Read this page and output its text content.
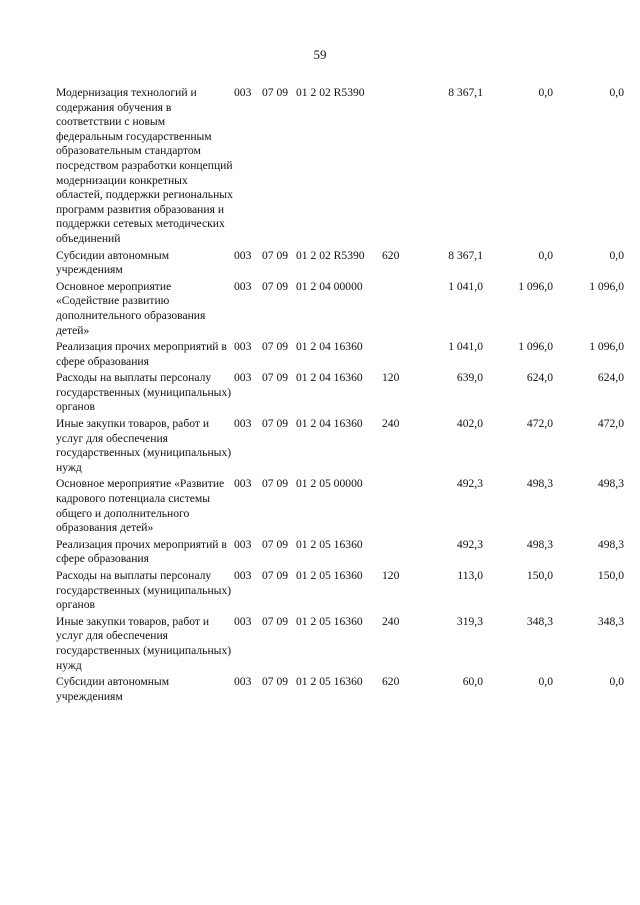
59
Модернизация технологий и содержания обучения в соответствии с новым федеральным государственным образовательным стандартом посредством разработки концепций модернизации конкретных областей, поддержки региональных программ развития образования и поддержки сетевых методических объединений	003	07 09	01 2 02 R5390		8 367,1	0,0	0,0
Субсидии автономным учреждениям	003	07 09	01 2 02 R5390	620	8 367,1	0,0	0,0
Основное мероприятие «Содействие развитию дополнительного образования детей»	003	07 09	01 2 04 00000		1 041,0	1 096,0	1 096,0
Реализация прочих мероприятий в сфере образования	003	07 09	01 2 04 16360		1 041,0	1 096,0	1 096,0
Расходы на выплаты персоналу государственных (муниципальных) органов	003	07 09	01 2 04 16360	120	639,0	624,0	624,0
Иные закупки товаров, работ и услуг для обеспечения государственных (муниципальных) нужд	003	07 09	01 2 04 16360	240	402,0	472,0	472,0
Основное мероприятие «Развитие кадрового потенциала системы общего и дополнительного образования детей»	003	07 09	01 2 05 00000		492,3	498,3	498,3
Реализация прочих мероприятий в сфере образования	003	07 09	01 2 05 16360		492,3	498,3	498,3
Расходы на выплаты персоналу государственных (муниципальных) органов	003	07 09	01 2 05 16360	120	113,0	150,0	150,0
Иные закупки товаров, работ и услуг для обеспечения государственных (муниципальных) нужд	003	07 09	01 2 05 16360	240	319,3	348,3	348,3
Субсидии автономным учреждениям	003	07 09	01 2 05 16360	620	60,0	0,0	0,0
